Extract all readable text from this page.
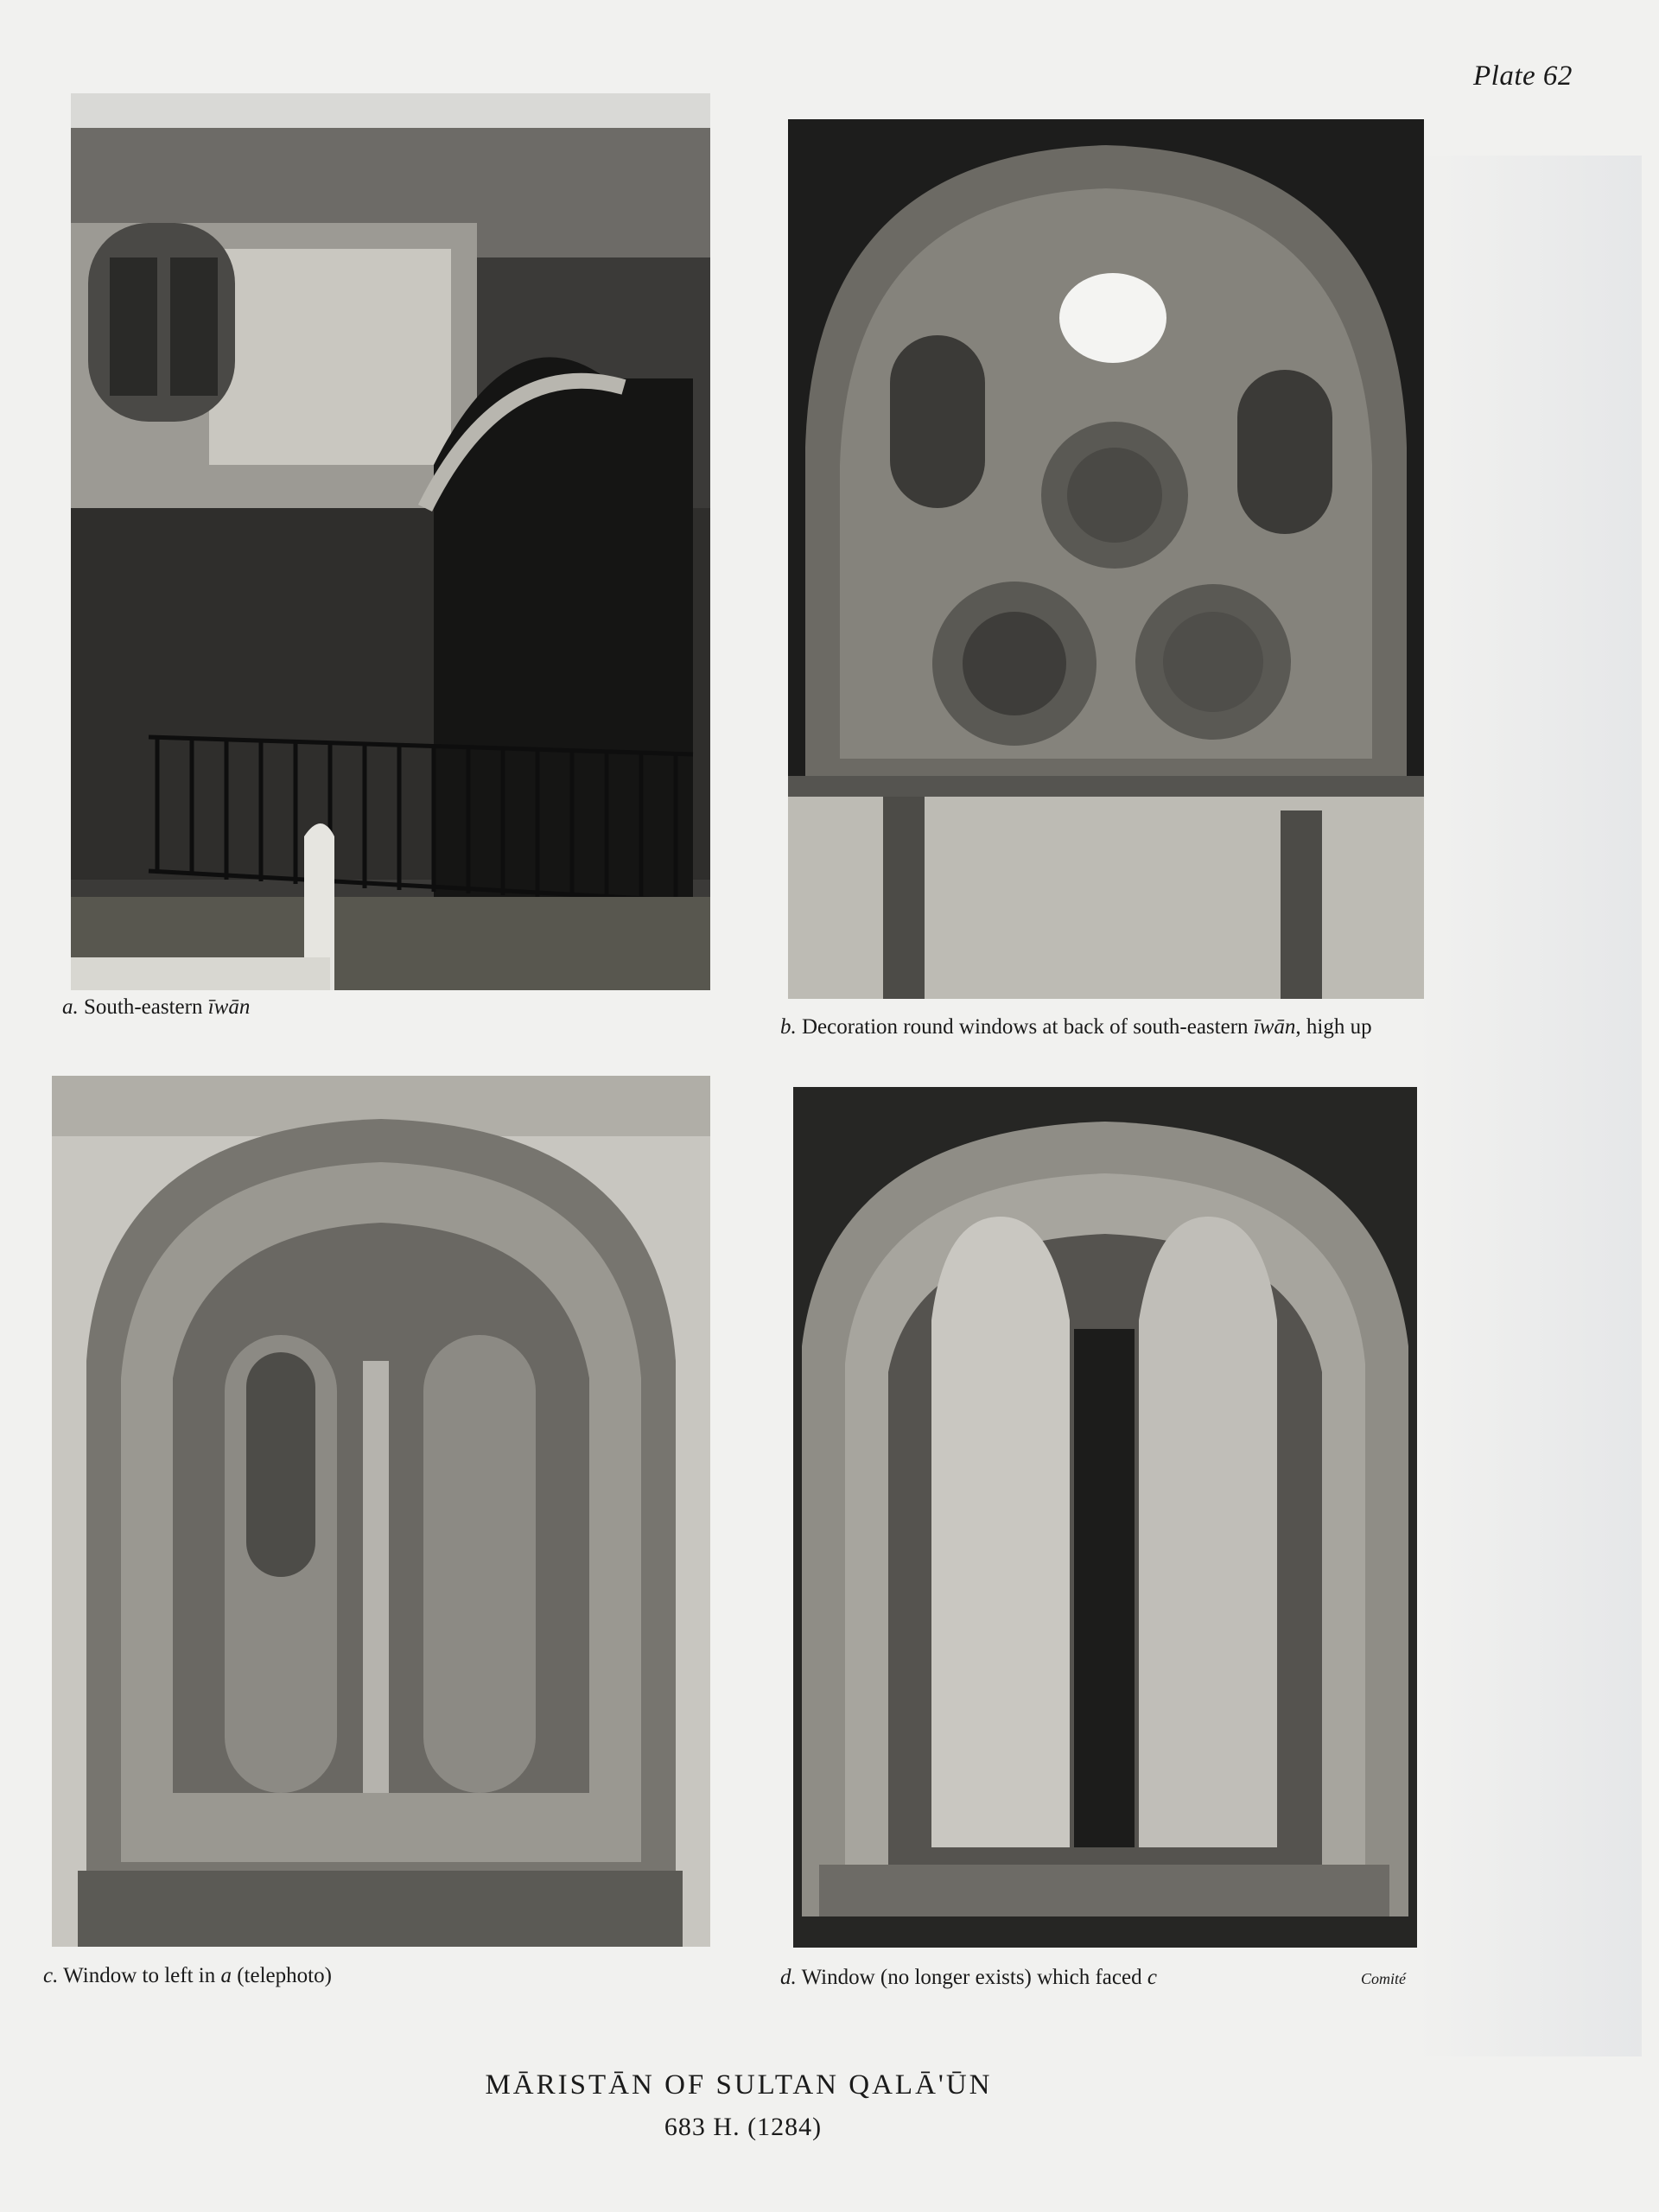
Plate 62
a. South-eastern īwān
b. Decoration round windows at back of south-eastern īwān, high up
c. Window to left in a (telephoto)	d. Window (no longer exists) which faced c	Comité
MĀRISTĀN OF SULTAN QALĀ'ŪN
683 H. (1284)
